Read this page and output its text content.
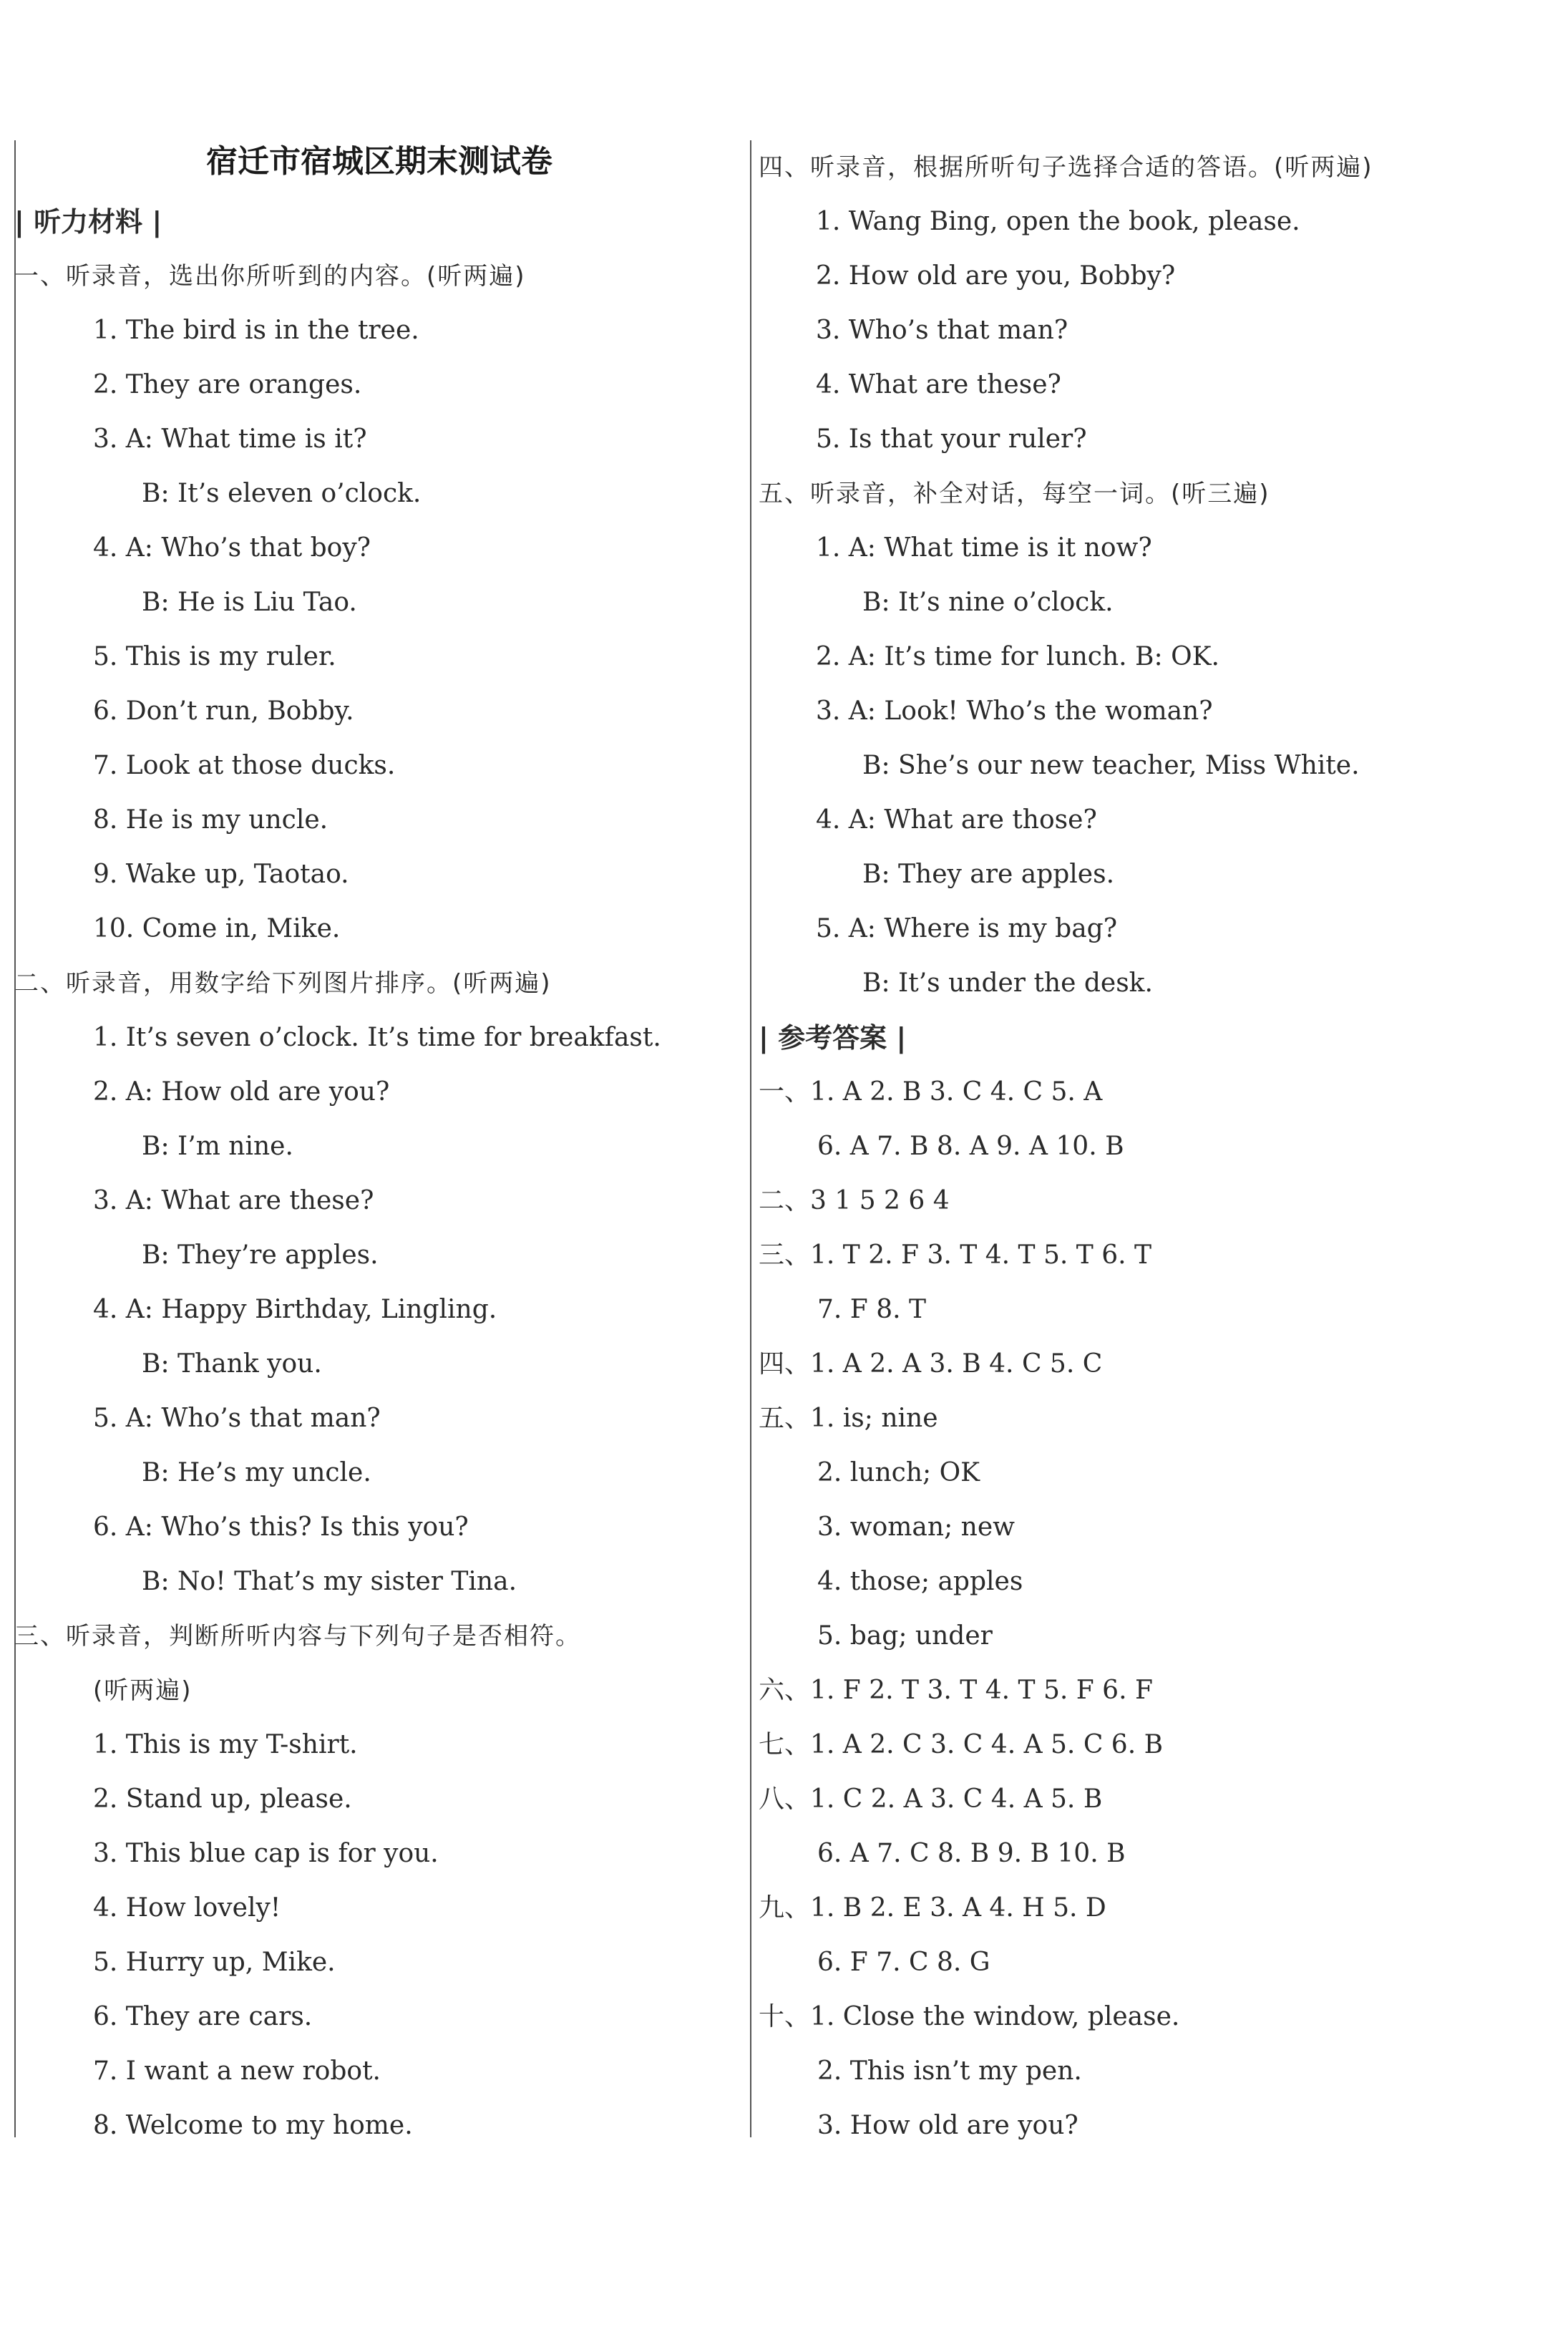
宿迁市宿城区期末测试卷
| 听力材料 |
一、听录音，选出你所听到的内容。(听两遍)
1. The bird is in the tree.
2. They are oranges.
3. A: What time is it?
B: It’s eleven o’clock.
4. A: Who’s that boy?
B: He is Liu Tao.
5. This is my ruler.
6. Don’t run, Bobby.
7. Look at those ducks.
8. He is my uncle.
9. Wake up, Taotao.
10. Come in, Mike.
二、听录音，用数字给下列图片排序。(听两遍)
1. It’s seven o’clock. It’s time for breakfast.
2. A: How old are you?
B: I’m nine.
3. A: What are these?
B: They’re apples.
4. A: Happy Birthday, Lingling.
B: Thank you.
5. A: Who’s that man?
B: He’s my uncle.
6. A: Who’s this? Is this you?
B: No! That’s my sister Tina.
三、听录音，判断所听内容与下列句子是否相符。
(听两遍)
1. This is my T-shirt.
2. Stand up, please.
3. This blue cap is for you.
4. How lovely!
5. Hurry up, Mike.
6. They are cars.
7. I want a new robot.
8. Welcome to my home.
四、听录音，根据所听句子选择合适的答语。(听两遍)
1. Wang Bing, open the book, please.
2. How old are you, Bobby?
3. Who’s that man?
4. What are these?
5. Is that your ruler?
五、听录音，补全对话，每空一词。(听三遍)
1. A: What time is it now?
B: It’s nine o’clock.
2. A: It’s time for lunch. B: OK.
3. A: Look! Who’s the woman?
B: She’s our new teacher, Miss White.
4. A: What are those?
B: They are apples.
5. A: Where is my bag?
B: It’s under the desk.
| 参考答案 |
一、1. A 2. B 3. C 4. C 5. A
6. A 7. B 8. A 9. A 10. B
二、3 1 5 2 6 4
三、1. T 2. F 3. T 4. T 5. T 6. T
7. F 8. T
四、1. A 2. A 3. B 4. C 5. C
五、1. is; nine
2. lunch; OK
3. woman; new
4. those; apples
5. bag; under
六、1. F 2. T 3. T 4. T 5. F 6. F
七、1. A 2. C 3. C 4. A 5. C 6. B
八、1. C 2. A 3. C 4. A 5. B
6. A 7. C 8. B 9. B 10. B
九、1. B 2. E 3. A 4. H 5. D
6. F 7. C 8. G
十、1. Close the window, please.
2. This isn’t my pen.
3. How old are you?
